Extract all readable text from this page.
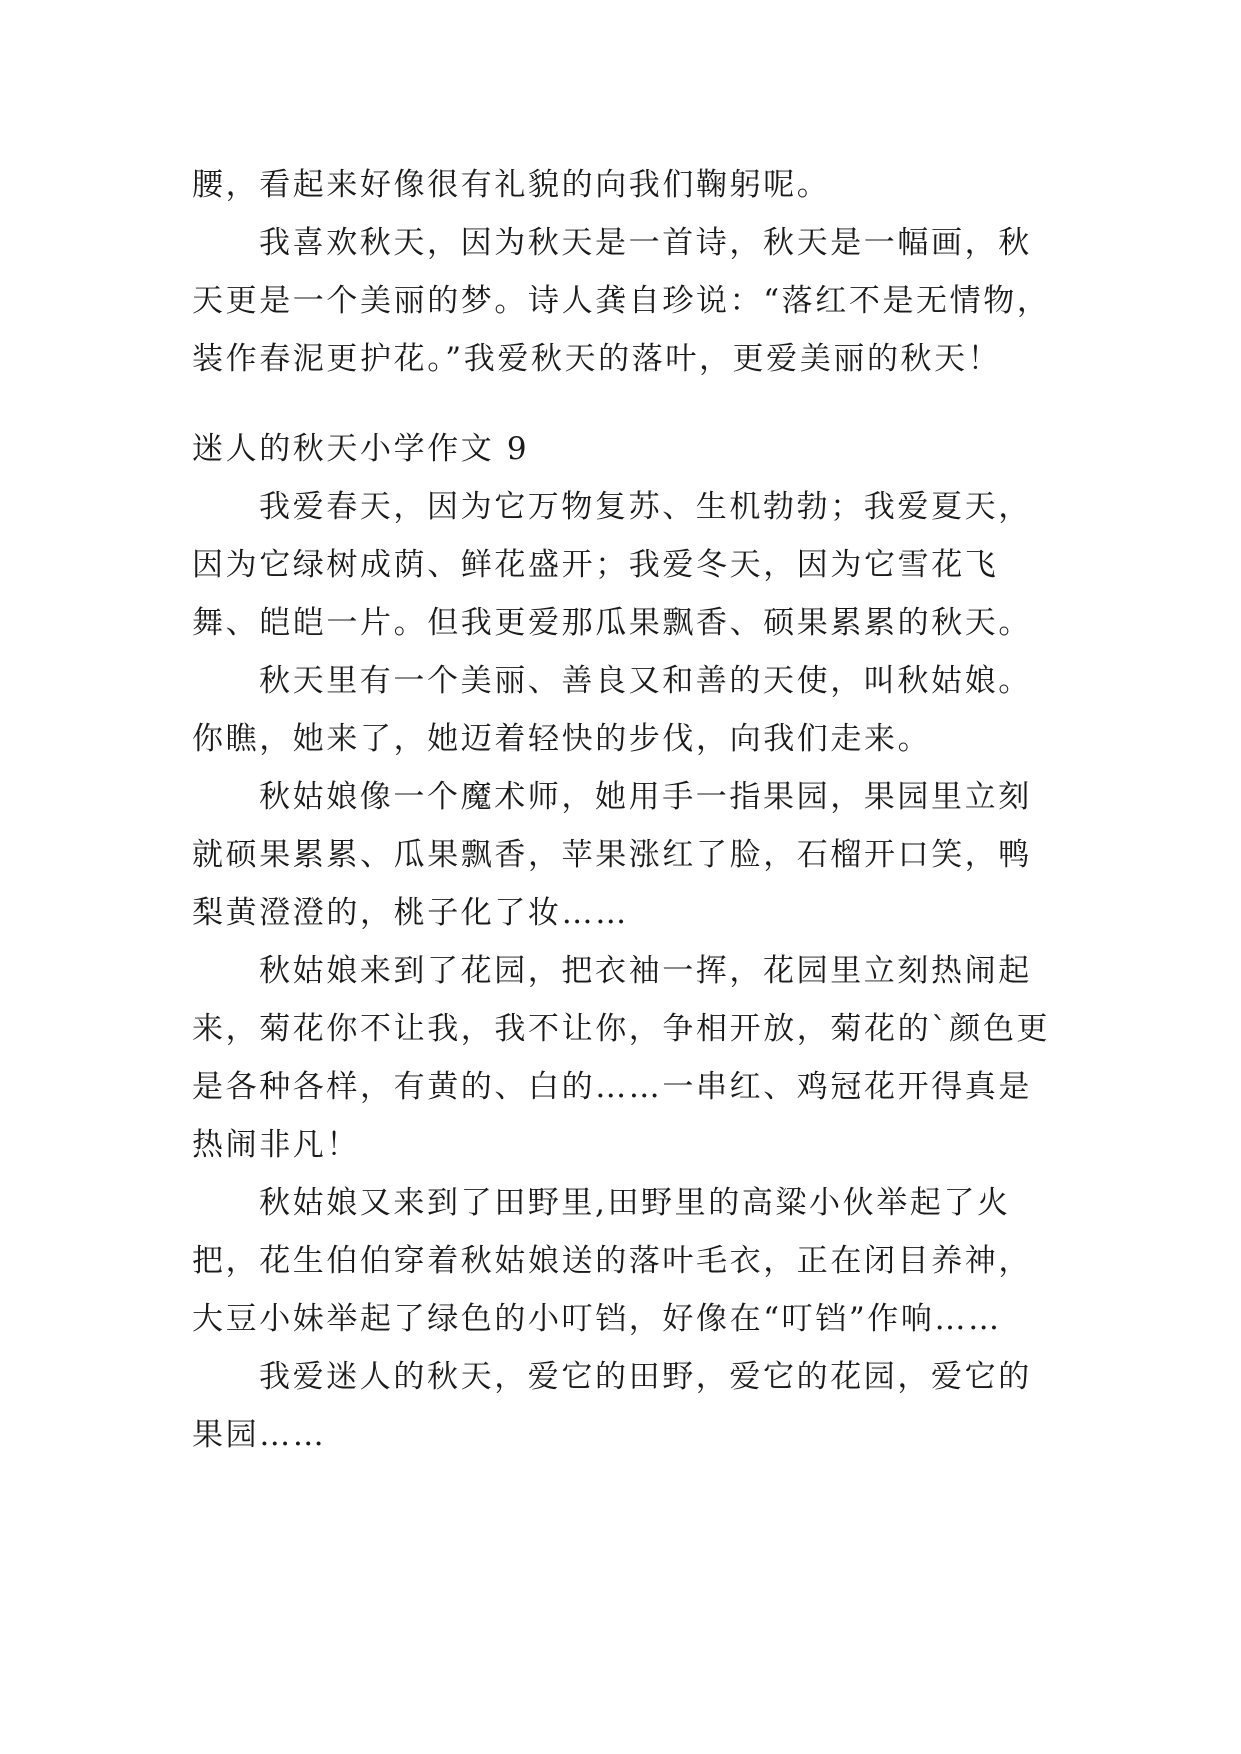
腰，看起来好像很有礼貌的向我们鞠躬呢。

我喜欢秋天，因为秋天是一首诗，秋天是一幅画，秋天更是一个美丽的梦。诗人龚自珍说：“落红不是无情物，装作春泥更护花。”我爱秋天的落叶，更爱美丽的秋天！

迷人的秋天小学作文 9

我爱春天，因为它万物复苏、生机勃勃；我爱夏天，因为它绿树成荫、鲜花盛开；我爱冬天，因为它雪花飞舞、皑皑一片。但我更爱那瓜果飘香、硕果累累的秋天。

秋天里有一个美丽、善良又和善的天使，叫秋姑娘。你瞧，她来了，她迈着轻快的步伐，向我们走来。

秋姑娘像一个魔术师，她用手一指果园，果园里立刻就硕果累累、瓜果飘香，苹果涨红了脸，石榴开口笑，鸭梨黄澄澄的，桃子化了妆……

秋姑娘来到了花园，把衣袖一挥，花园里立刻热闹起来，菊花你不让我，我不让你，争相开放，菊花的`颜色更是各种各样，有黄的、白的……一串红、鸡冠花开得真是热闹非凡！

秋姑娘又来到了田野里,田野里的高粱小伙举起了火把，花生伯伯穿着秋姑娘送的落叶毛衣，正在闭目养神，大豆小妹举起了绿色的小叮铛，好像在“叮铛”作响……

我爱迷人的秋天，爱它的田野，爱它的花园，爱它的果园……
